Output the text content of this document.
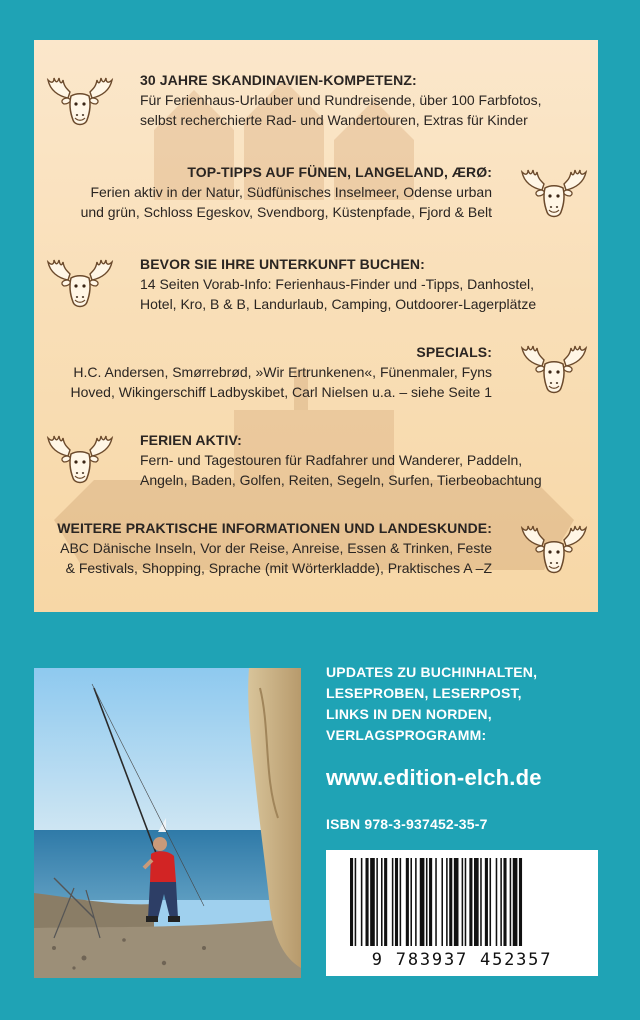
30 JAHRE SKANDINAVIEN-KOMPETENZ:
Für Ferienhaus-Urlauber und Rundreisende, über 100 Farbfotos,
selbst recherchierte Rad- und Wandertouren, Extras für Kinder
TOP-TIPPS AUF FÜNEN, LANGELAND, ÆRØ:
Ferien aktiv in der Natur, Südfünisches Inselmeer, Odense urban
und grün, Schloss Egeskov, Svendborg, Küstenpfade, Fjord & Belt
BEVOR SIE IHRE UNTERKUNFT BUCHEN:
14 Seiten Vorab-Info: Ferienhaus-Finder und -Tipps, Danhostel,
Hotel, Kro, B & B, Landurlaub, Camping, Outdoorer-Lagerplätze
SPECIALS:
H.C. Andersen, Smørrebrød, »Wir Ertrunkenen«, Fünenmaler, Fyns
Hoved, Wikingerschiff Ladbyskibet, Carl Nielsen u.a. – siehe Seite 1
FERIEN AKTIV:
Fern- und Tagestouren für Radfahrer und Wanderer, Paddeln,
Angeln, Baden, Golfen, Reiten, Segeln, Surfen, Tierbeobachtung
WEITERE PRAKTISCHE INFORMATIONEN UND LANDESKUNDE:
ABC Dänische Inseln, Vor der Reise, Anreise, Essen & Trinken, Feste
& Festivals, Shopping, Sprache (mit Wörterkladde), Praktisches A –Z
UPDATES ZU BUCHINHALTEN,
LESEPROBEN, LESERPOST,
LINKS IN DEN NORDEN,
VERLAGSPROGRAMM:
www.edition-elch.de
ISBN 978-3-937452-35-7
9 783937 452357
